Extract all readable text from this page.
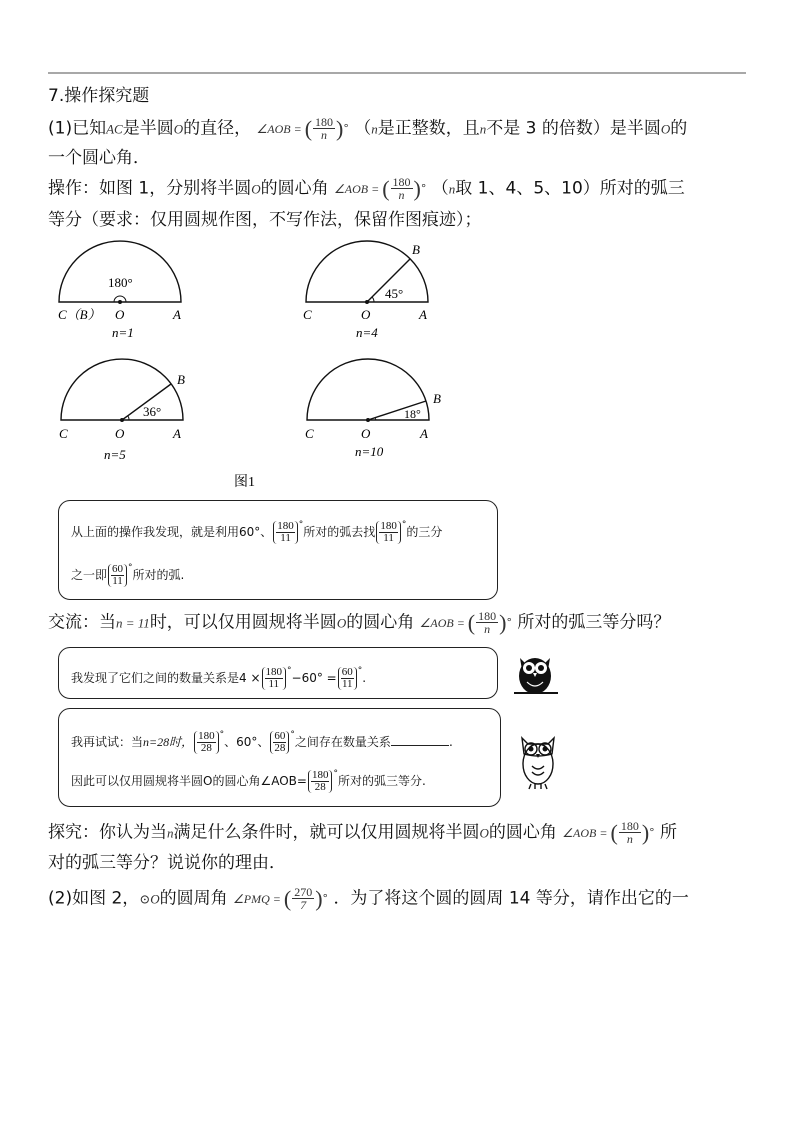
7.操作探究题
(1)已知AC是半圆O的直径， ∠AOB = ( $\frac{180}{n}$ ) ° （n是正整数，且n不是 3 的倍数）是半圆O的
一个圆心角．
操作：如图 1，分别将半圆O的圆心角 ∠AOB = ( $\frac{180}{n}$ ) ° （n取 1、4、5、10）所对的弧三
等分（要求：仅用圆规作图，不写作法，保留作图痕迹）；
180°
C（B） O	A
n=1
B
45°
C	O	A
n=4
B
36°
C	O	A
n=5
B
18°
C	O	A
n=10
图1
从上面的操作我发现，就是利用60°、 $\frac{180}{11} ^\circ$所对的弧去找 $\frac{180}{11} ^\circ$的三分
之一即 $\frac{60}{11} ^\circ$所对的弧.
交流：当n = 11时，可以仅用圆规将半圆O的圆心角 ∠AOB = ( $\frac{180}{n}$ ) ° 所对的弧三等分吗？
我发现了它们之间的数量关系是$4 \times \frac{180}{11} ^\circ-60^\circ = \frac{60}{11} ^\circ$.
我再试试：当n=28时， $\frac{180}{28} ^\circ$、60°、 $\frac{60}{28} ^\circ$之间存在数量关系	.
因此可以仅用圆规将半圆O的圆心角∠AOB= $\frac{180}{28} ^\circ$所对的弧三等分.
探究：你认为当n满足什么条件时，就可以仅用圆规将半圆O的圆心角 ∠AOB = ( $\frac{180}{n}$ ) ° 所
对的弧三等分？说说你的理由．
(2)如图 2，⊙O的圆周角 ∠PMQ = ( $\frac{270}{7}$ ) ° ．为了将这个圆的圆周 14 等分，请作出它的一
